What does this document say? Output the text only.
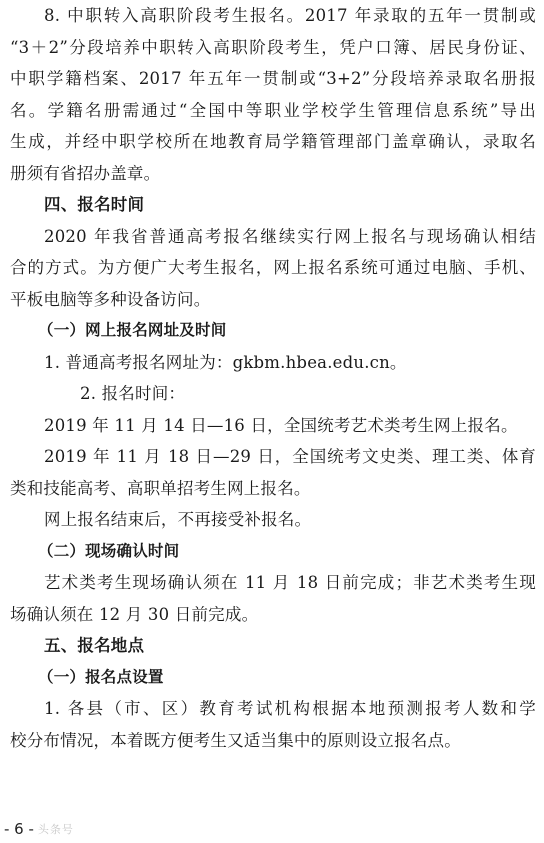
8. 中职转入高职阶段考生报名。2017 年录取的五年一贯制或
“3＋2”分段培养中职转入高职阶段考生，凭户口簿、居民身份证、
中职学籍档案、2017 年五年一贯制或“3+2”分段培养录取名册报
名。学籍名册需通过“全国中等职业学校学生管理信息系统”导出
生成，并经中职学校所在地教育局学籍管理部门盖章确认，录取名
册须有省招办盖章。
四、报名时间
2020 年我省普通高考报名继续实行网上报名与现场确认相结
合的方式。为方便广大考生报名，网上报名系统可通过电脑、手机、
平板电脑等多种设备访问。
（一）网上报名网址及时间
1. 普通高考报名网址为：gkbm.hbea.edu.cn。
2. 报名时间：
2019 年 11 月 14 日—16 日，全国统考艺术类考生网上报名。
2019 年 11 月 18 日—29 日，全国统考文史类、理工类、体育
类和技能高考、高职单招考生网上报名。
网上报名结束后，不再接受补报名。
（二）现场确认时间
艺术类考生现场确认须在 11 月 18 日前完成；非艺术类考生现
场确认须在 12 月 30 日前完成。
五、报名地点
（一）报名点设置
1. 各县（市、区）教育考试机构根据本地预测报考人数和学
校分布情况，本着既方便考生又适当集中的原则设立报名点。
- 6 - 头条号
